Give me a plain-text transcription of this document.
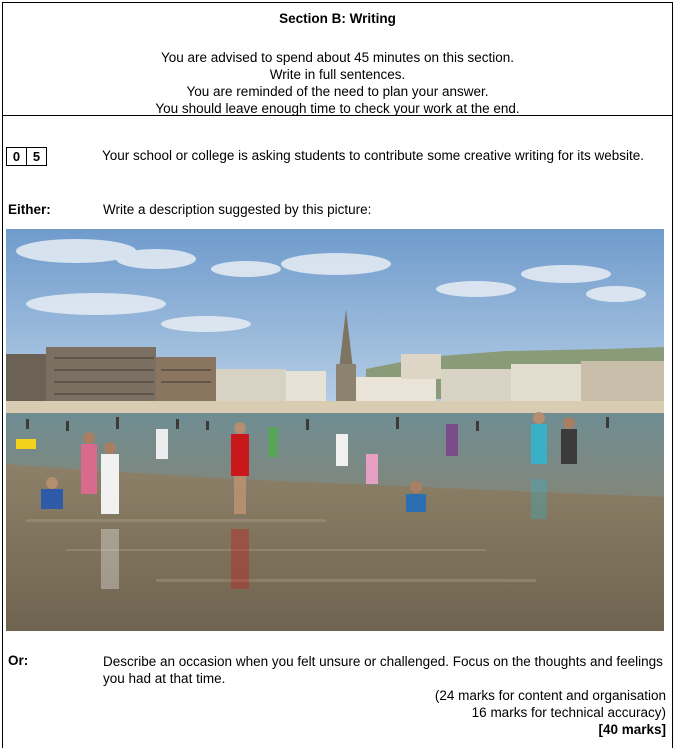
Section B: Writing
You are advised to spend about 45 minutes on this section.
Write in full sentences.
You are reminded of the need to plan your answer.
You should leave enough time to check your work at the end.
0 5	Your school or college is asking students to contribute some creative writing for its website.
Either:	Write a description suggested by this picture:
Or:	Describe an occasion when you felt unsure or challenged. Focus on the thoughts and feelings you had at that time.
(24 marks for content and organisation
16 marks for technical accuracy)
[40 marks]
